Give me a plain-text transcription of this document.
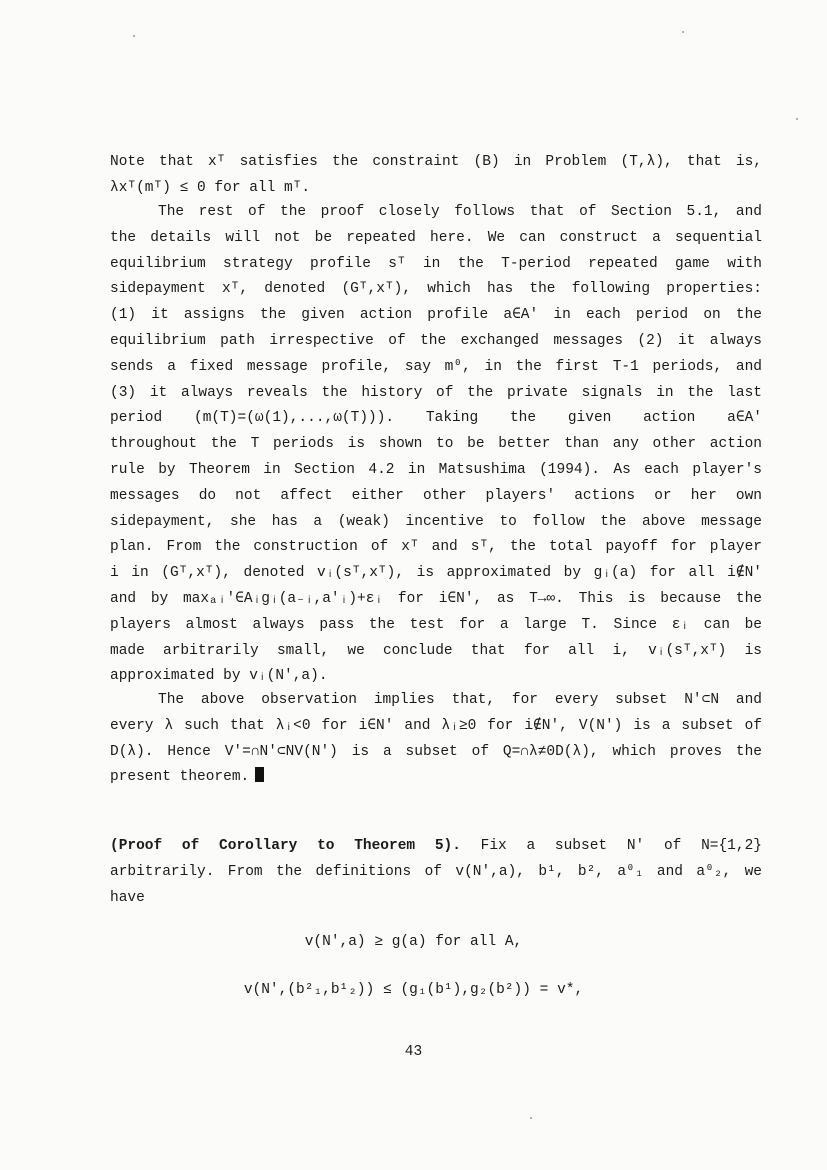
Note that xᵀ satisfies the constraint (B) in Problem (T,λ), that is,
λxᵀ(mᵀ) ≤ 0 for all mᵀ.
The rest of the proof closely follows that of Section 5.1, and
the details will not be repeated here. We can construct a sequential
equilibrium strategy profile sᵀ in the T-period repeated game with
sidepayment xᵀ, denoted (Gᵀ,xᵀ), which has the following properties:
(1) it assigns the given action profile a∈A' in each period on the
equilibrium path irrespective of the exchanged messages (2) it always
sends a fixed message profile, say m⁰, in the first T-1 periods, and
(3) it always reveals the history of the private signals in the last
period (m(T)=(ω(1),...,ω(T))). Taking the given action a∈A'
throughout the T periods is shown to be better than any other action
rule by Theorem in Section 4.2 in Matsushima (1994). As each player's
messages do not affect either other players' actions or her own
sidepayment, she has a (weak) incentive to follow the above message
plan. From the construction of xᵀ and sᵀ, the total payoff for player
i in (Gᵀ,xᵀ), denoted vᵢ(sᵀ,xᵀ), is approximated by gᵢ(a) for all i∉N'
and by maxₐᵢ'∈Aᵢgᵢ(a₋ᵢ,a'ᵢ)+εᵢ for i∈N', as T→∞. This is because the
players almost always pass the test for a large T. Since εᵢ can be
made arbitrarily small, we conclude that for all i, vᵢ(sᵀ,xᵀ) is
approximated by vᵢ(N',a).
The above observation implies that, for every subset N'⊂N and
every λ such that λᵢ<0 for i∈N' and λᵢ≥0 for i∉N', V(N') is a subset of
D(λ). Hence V'=∩N'⊂NV(N') is a subset of Q=∩λ≠0D(λ), which proves the
present theorem.
(Proof of Corollary to Theorem 5). Fix a subset N' of N={1,2}
arbitrarily. From the definitions of v(N',a), b¹, b², a⁰₁ and a⁰₂, we
have
v(N',a) ≥ g(a) for all A,
v(N',(b²₁,b¹₂)) ≤ (g₁(b¹),g₂(b²)) = v*,
43
